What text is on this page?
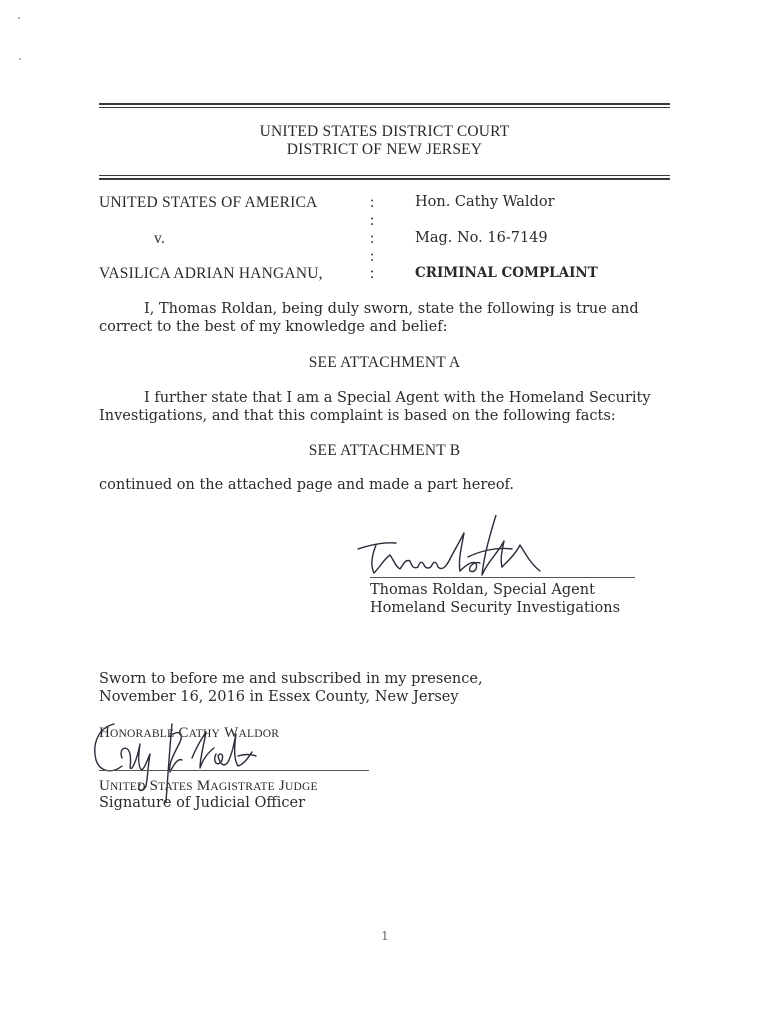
UNITED STATES DISTRICT COURT
DISTRICT OF NEW JERSEY
UNITED STATES OF AMERICA	:	Hon. Cathy Waldor
:
v.	:	Mag. No. 16-7149
:
VASILICA ADRIAN HANGANU,	:	CRIMINAL COMPLAINT
I, Thomas Roldan, being duly sworn, state the following is true and
correct to the best of my knowledge and belief:
SEE ATTACHMENT A
I further state that I am a Special Agent with the Homeland Security
Investigations, and that this complaint is based on the following facts:
SEE ATTACHMENT B
continued on the attached page and made a part hereof.
Thomas Roldan, Special Agent
Homeland Security Investigations
Sworn to before me and subscribed in my presence,
November 16, 2016 in Essex County, New Jersey
HONORABLE CATHY WALDOR
UNITED STATES MAGISTRATE JUDGE
Signature of Judicial Officer
1
